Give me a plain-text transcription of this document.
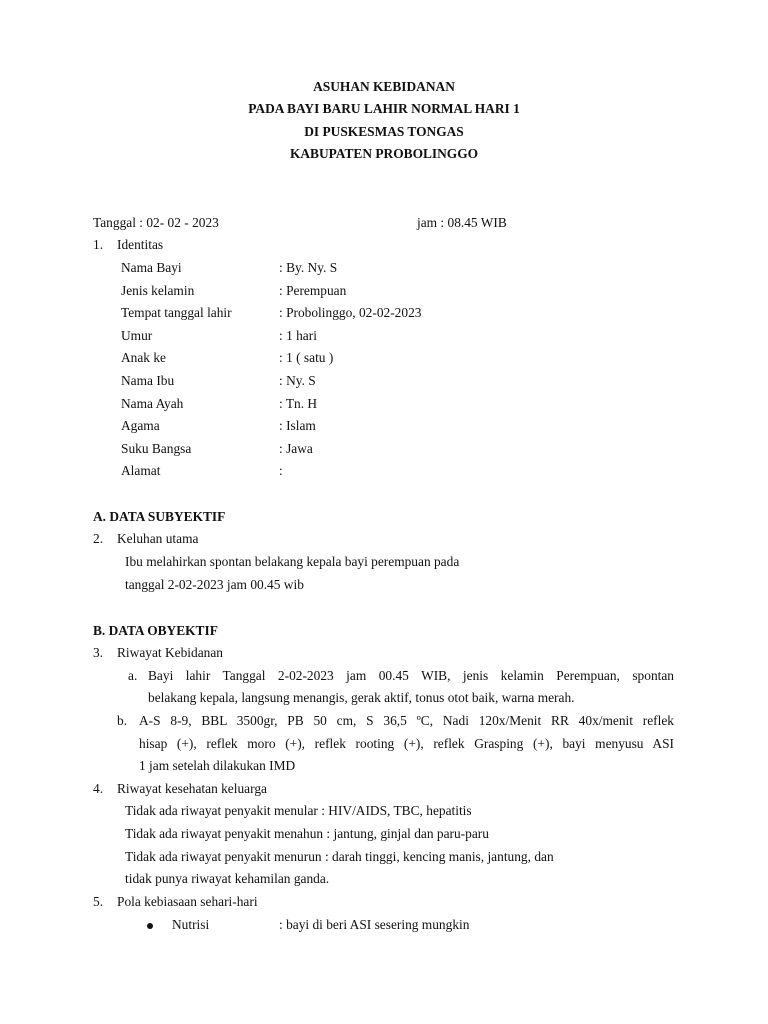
ASUHAN KEBIDANAN
PADA BAYI BARU LAHIR NORMAL HARI 1
DI PUSKESMAS TONGAS
KABUPATEN PROBOLINGGO
Tanggal : 02- 02 - 2023	jam : 08.45 WIB
1. Identitas
Nama Bayi	: By. Ny. S
Jenis kelamin	: Perempuan
Tempat tanggal lahir	: Probolinggo, 02-02-2023
Umur	: 1 hari
Anak ke	: 1 ( satu )
Nama Ibu	: Ny. S
Nama Ayah	: Tn. H
Agama	: Islam
Suku Bangsa	: Jawa
Alamat	:
A. DATA SUBYEKTIF
2. Keluhan utama
Ibu melahirkan spontan belakang kepala bayi perempuan pada
tanggal 2-02-2023 jam 00.45 wib
B. DATA OBYEKTIF
3. Riwayat Kebidanan
a. Bayi lahir Tanggal 2-02-2023 jam 00.45 WIB, jenis kelamin Perempuan, spontan
belakang kepala, langsung menangis, gerak aktif, tonus otot baik, warna merah.
b. A-S 8-9, BBL 3500gr, PB 50 cm, S 36,5 ºC, Nadi 120x/Menit RR 40x/menit reflek
hisap (+), reflek moro (+), reflek rooting (+), reflek Grasping (+), bayi menyusu ASI
1 jam setelah dilakukan IMD
4. Riwayat kesehatan keluarga
Tidak ada riwayat penyakit menular : HIV/AIDS, TBC, hepatitis
Tidak ada riwayat penyakit menahun : jantung, ginjal dan paru-paru
Tidak ada riwayat penyakit menurun : darah tinggi, kencing manis, jantung, dan
tidak punya riwayat kehamilan ganda.
5. Pola kebiasaan sehari-hari
Nutrisi	: bayi di beri ASI sesering mungkin
